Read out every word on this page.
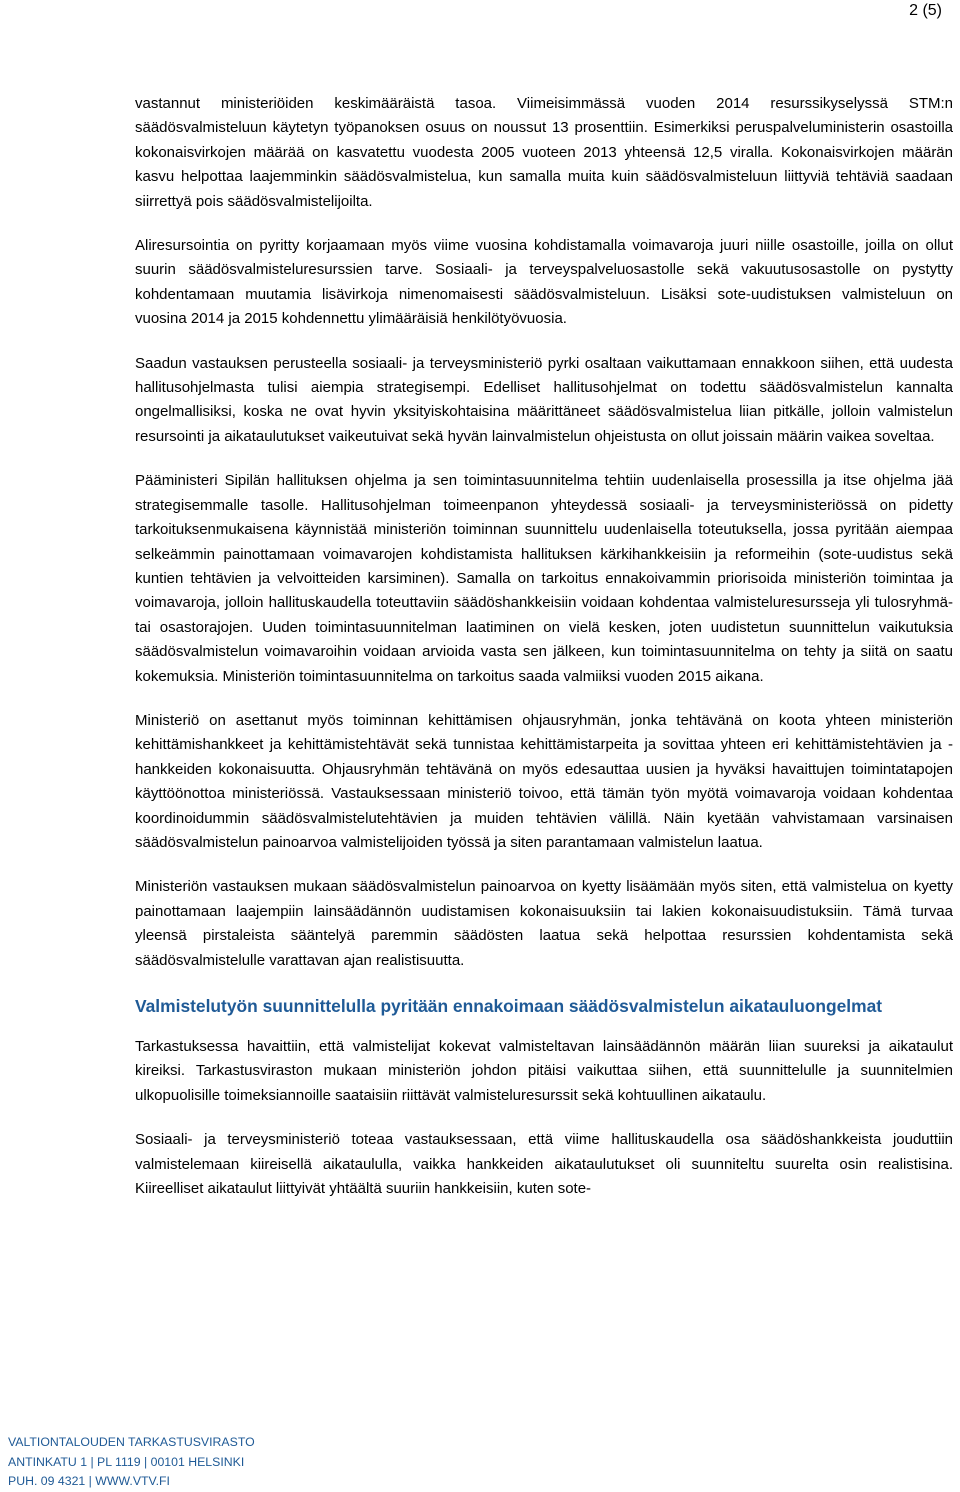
2 (5)

vastannut ministeriöiden keskimääräistä tasoa. Viimeisimmässä vuoden 2014 resurssikyselyssä STM:n säädösvalmisteluun käytetyn työpanoksen osuus on noussut 13 prosenttiin. Esimerkiksi peruspalveluministerin osastoilla kokonaisvirkojen määrää on kasvatettu vuodesta 2005 vuoteen 2013 yhteensä 12,5 viralla. Kokonaisvirkojen määrän kasvu helpottaa laajemminkin säädösvalmistelua, kun samalla muita kuin säädösvalmisteluun liittyviä tehtäviä saadaan siirrettyä pois säädösvalmistelijoilta.

Aliresursointia on pyritty korjaamaan myös viime vuosina kohdistamalla voimavaroja juuri niille osastoille, joilla on ollut suurin säädösvalmisteluresurssien tarve. Sosiaali- ja terveyspalveluosastolle sekä vakuutusosastolle on pystytty kohdentamaan muutamia lisävirkoja nimenomaisesti säädösvalmisteluun. Lisäksi sote-uudistuksen valmisteluun on vuosina 2014 ja 2015 kohdennettu ylimääräisiä henkilötyövuosia.

Saadun vastauksen perusteella sosiaali- ja terveysministeriö pyrki osaltaan vaikuttamaan ennakkoon siihen, että uudesta hallitusohjelmasta tulisi aiempia strategisempi. Edelliset hallitusohjelmat on todettu säädösvalmistelun kannalta ongelmallisiksi, koska ne ovat hyvin yksityiskohtaisina määrittäneet säädösvalmistelua liian pitkälle, jolloin valmistelun resursointi ja aikataulutukset vaikeutuivat sekä hyvän lainvalmistelun ohjeistusta on ollut joissain määrin vaikea soveltaa.

Pääministeri Sipilän hallituksen ohjelma ja sen toimintasuunnitelma tehtiin uudenlaisella prosessilla ja itse ohjelma jää strategisemmalle tasolle. Hallitusohjelman toimeenpanon yhteydessä sosiaali- ja terveysministeriössä on pidetty tarkoituksenmukaisena käynnistää ministeriön toiminnan suunnittelu uudenlaisella toteutuksella, jossa pyritään aiempaa selkeämmin painottamaan voimavarojen kohdistamista hallituksen kärkihankkeisiin ja reformeihin (sote-uudistus sekä kuntien tehtävien ja velvoitteiden karsiminen). Samalla on tarkoitus ennakoivammin priorisoida ministeriön toimintaa ja voimavaroja, jolloin hallituskaudella toteuttaviin säädöshankkeisiin voidaan kohdentaa valmisteluresursseja yli tulosryhmä- tai osastorajojen. Uuden toimintasuunnitelman laatiminen on vielä kesken, joten uudistetun suunnittelun vaikutuksia säädösvalmistelun voimavaroihin voidaan arvioida vasta sen jälkeen, kun toimintasuunnitelma on tehty ja siitä on saatu kokemuksia. Ministeriön toimintasuunnitelma on tarkoitus saada valmiiksi vuoden 2015 aikana.

Ministeriö on asettanut myös toiminnan kehittämisen ohjausryhmän, jonka tehtävänä on koota yhteen ministeriön kehittämishankkeet ja kehittämistehtävät sekä tunnistaa kehittämistarpeita ja sovittaa yhteen eri kehittämistehtävien ja -hankkeiden kokonaisuutta. Ohjausryhmän tehtävänä on myös edesauttaa uusien ja hyväksi havaittujen toimintatapojen käyttöönottoa ministeriössä. Vastauksessaan ministeriö toivoo, että tämän työn myötä voimavaroja voidaan kohdentaa koordinoidummin säädösvalmistelutehtävien ja muiden tehtävien välillä. Näin kyetään vahvistamaan varsinaisen säädösvalmistelun painoarvoa valmistelijoiden työssä ja siten parantamaan valmistelun laatua.

Ministeriön vastauksen mukaan säädösvalmistelun painoarvoa on kyetty lisäämään myös siten, että valmistelua on kyetty painottamaan laajempiin lainsäädännön uudistamisen kokonaisuuksiin tai lakien kokonaisuudistuksiin. Tämä turvaa yleensä pirstaleista sääntelyä paremmin säädösten laatua sekä helpottaa resurssien kohdentamista sekä säädösvalmistelulle varattavan ajan realistisuutta.

Valmistelutyön suunnittelulla pyritään ennakoimaan säädösvalmistelun aikatauluongelmat

Tarkastuksessa havaittiin, että valmistelijat kokevat valmisteltavan lainsäädännön määrän liian suureksi ja aikataulut kireiksi. Tarkastusviraston mukaan ministeriön johdon pitäisi vaikuttaa siihen, että suunnittelulle ja suunnitelmien ulkopuolisille toimeksiannoille saataisiin riittävät valmisteluresurssit sekä kohtuullinen aikataulu.

Sosiaali- ja terveysministeriö toteaa vastauksessaan, että viime hallituskaudella osa säädöshankkeista jouduttiin valmistelemaan kiireisellä aikataululla, vaikka hankkeiden aikataulutukset oli suunniteltu suurelta osin realistisina. Kiireelliset aikataulut liittyivät yhtäältä suuriin hankkeisiin, kuten sote-

VALTIONTALOUDEN TARKASTUSVIRASTO
ANTINKATU 1 | PL 1119 | 00101 HELSINKI
PUH. 09 4321 | WWW.VTV.FI
